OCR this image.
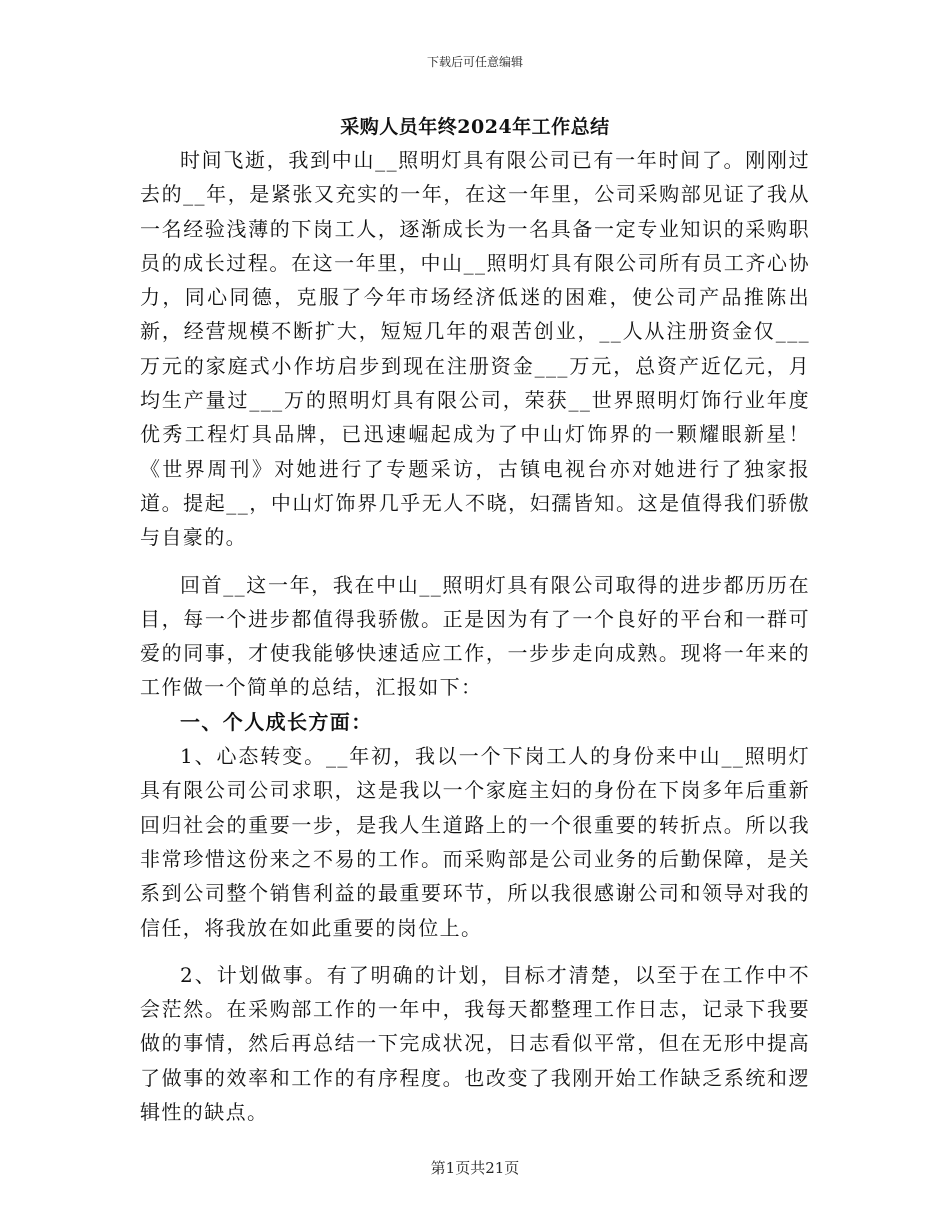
下载后可任意编辑
采购人员年终2024年工作总结

时间飞逝，我到中山__照明灯具有限公司已有一年时间了。刚刚过去的__年，是紧张又充实的一年，在这一年里，公司采购部见证了我从一名经验浅薄的下岗工人，逐渐成长为一名具备一定专业知识的采购职员的成长过程。在这一年里，中山__照明灯具有限公司所有员工齐心协力，同心同德，克服了今年市场经济低迷的困难，使公司产品推陈出新，经营规模不断扩大，短短几年的艰苦创业，__人从注册资金仅___万元的家庭式小作坊启步到现在注册资金___万元，总资产近亿元，月均生产量过___万的照明灯具有限公司，荣获__世界照明灯饰行业年度优秀工程灯具品牌，已迅速崛起成为了中山灯饰界的一颗耀眼新星！《世界周刊》对她进行了专题采访，古镇电视台亦对她进行了独家报道。提起__，中山灯饰界几乎无人不晓，妇孺皆知。这是值得我们骄傲与自豪的。

回首__这一年，我在中山__照明灯具有限公司取得的进步都历历在目，每一个进步都值得我骄傲。正是因为有了一个良好的平台和一群可爱的同事，才使我能够快速适应工作，一步步走向成熟。现将一年来的工作做一个简单的总结，汇报如下：

一、个人成长方面：

1、心态转变。__年初，我以一个下岗工人的身份来中山__照明灯具有限公司公司求职，这是我以一个家庭主妇的身份在下岗多年后重新回归社会的重要一步，是我人生道路上的一个很重要的转折点。所以我非常珍惜这份来之不易的工作。而采购部是公司业务的后勤保障，是关系到公司整个销售利益的最重要环节，所以我很感谢公司和领导对我的信任，将我放在如此重要的岗位上。

2、计划做事。有了明确的计划，目标才清楚，以至于在工作中不会茫然。在采购部工作的一年中，我每天都整理工作日志，记录下我要做的事情，然后再总结一下完成状况，日志看似平常，但在无形中提高了做事的效率和工作的有序程度。也改变了我刚开始工作缺乏系统和逻辑性的缺点。

第1页共21页
